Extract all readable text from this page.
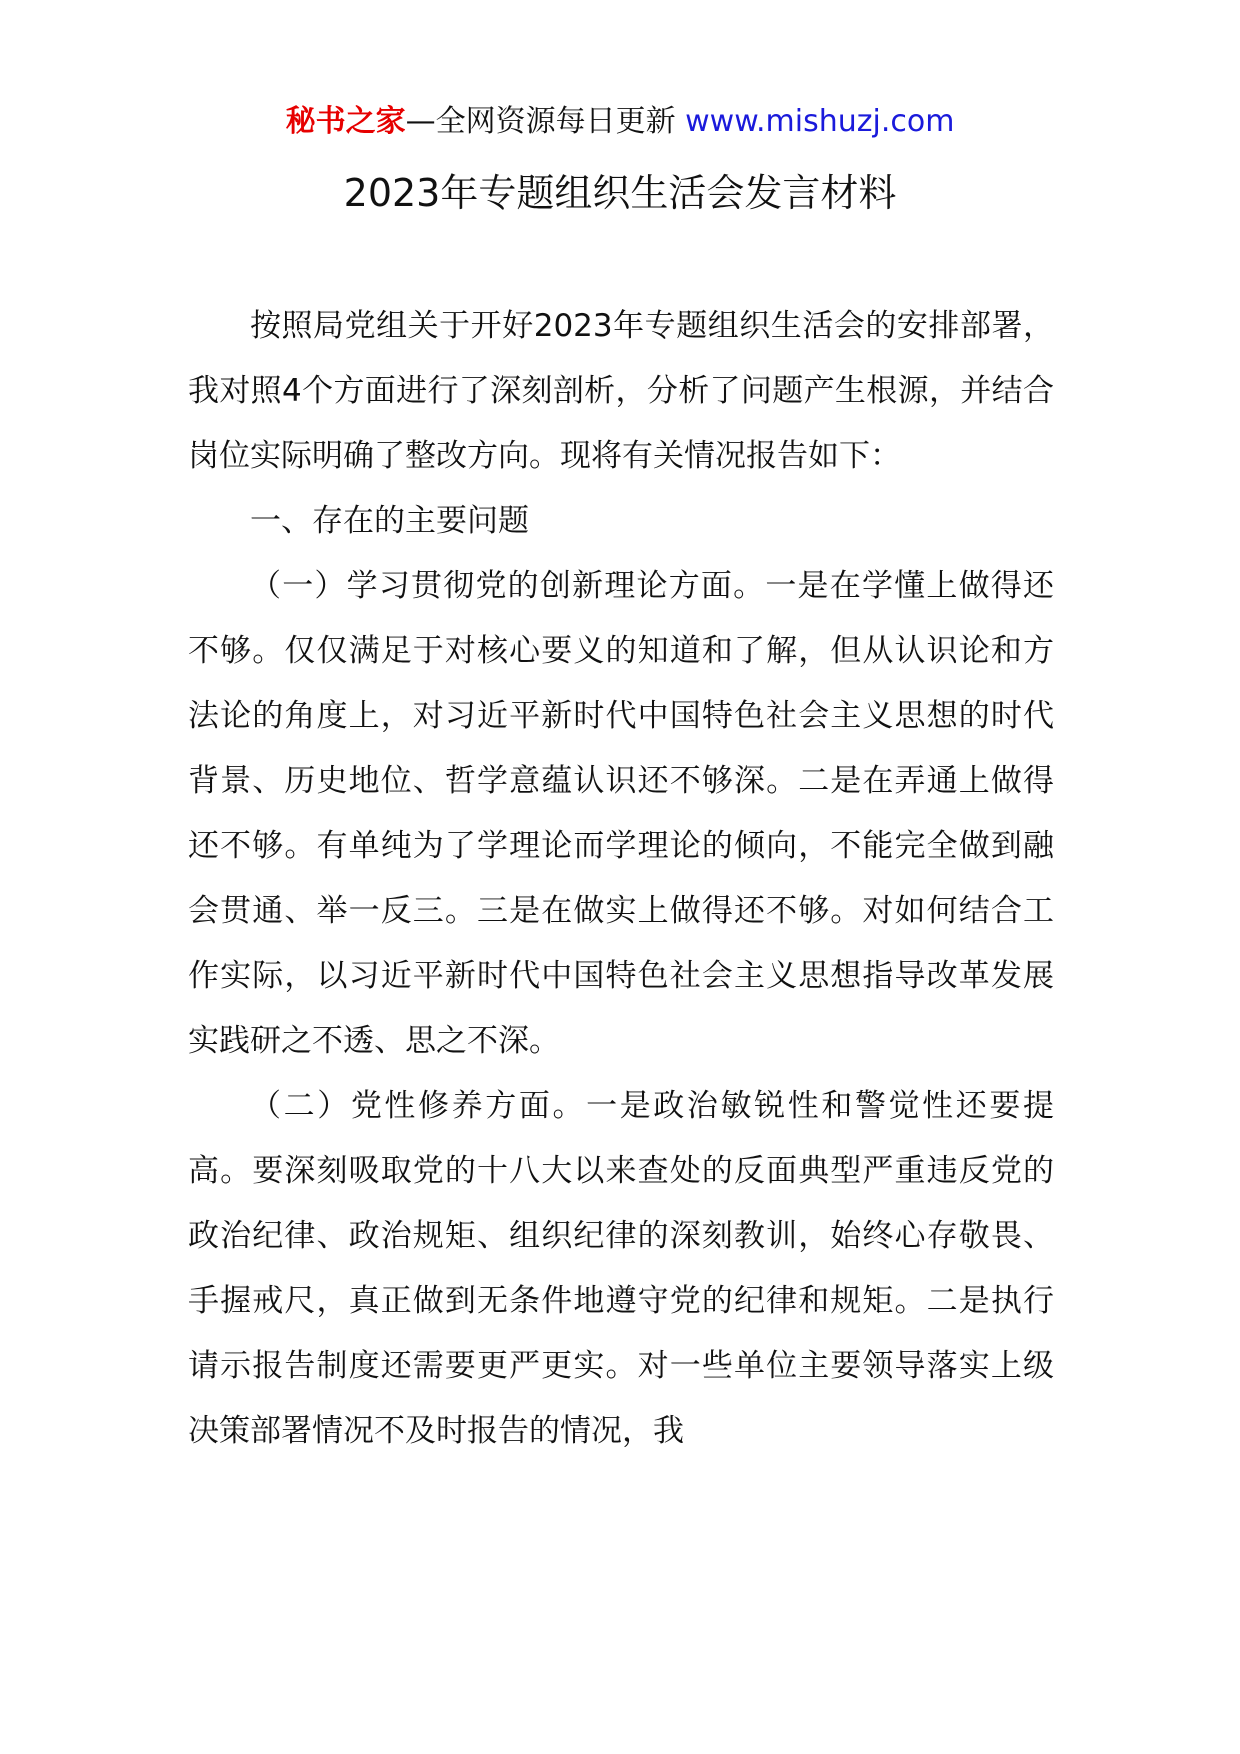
秘书之家—全网资源每日更新 www.mishuzj.com
2023年专题组织生活会发言材料

按照局党组关于开好2023年专题组织生活会的安排部署，我对照4个方面进行了深刻剖析，分析了问题产生根源，并结合岗位实际明确了整改方向。现将有关情况报告如下：

一、存在的主要问题

（一）学习贯彻党的创新理论方面。一是在学懂上做得还不够。仅仅满足于对核心要义的知道和了解，但从认识论和方法论的角度上，对习近平新时代中国特色社会主义思想的时代背景、历史地位、哲学意蕴认识还不够深。二是在弄通上做得还不够。有单纯为了学理论而学理论的倾向，不能完全做到融会贯通、举一反三。三是在做实上做得还不够。对如何结合工作实际，以习近平新时代中国特色社会主义思想指导改革发展实践研之不透、思之不深。

（二）党性修养方面。一是政治敏锐性和警觉性还要提高。要深刻吸取党的十八大以来查处的反面典型严重违反党的政治纪律、政治规矩、组织纪律的深刻教训，始终心存敬畏、手握戒尺，真正做到无条件地遵守党的纪律和规矩。二是执行请示报告制度还需要更严更实。对一些单位主要领导落实上级决策部署情况不及时报告的情况，我
